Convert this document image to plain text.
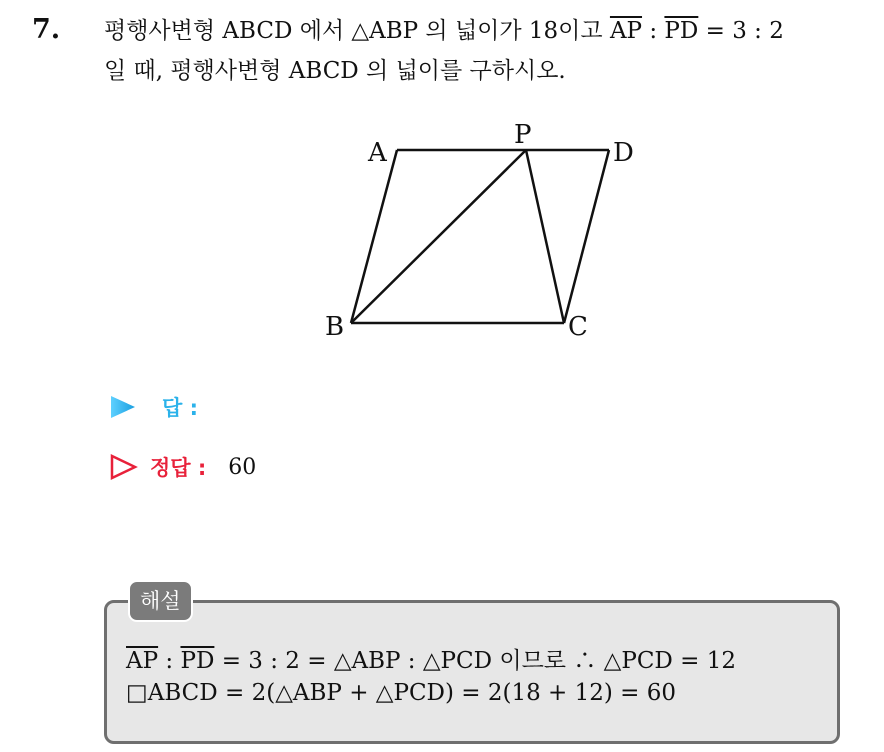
7. 평행사변형 ABCD 에서 △ABP 의 넓이가 18이고 $\overline{AP}$ : $\overline{PD} = 3$ : 2
일 때, 평행사변형 ABCD 의 넓이를 구하시오.
A
P
D
B	C
답 :
정답 : 60
해설
$\overline{AP}$ : $\overline{PD} = 3$ : 2 = △ABP : △PCD 이므로 ∴ △PCD = 12
□ABCD = 2(△ABP + △PCD) = 2(18 + 12) = 60
